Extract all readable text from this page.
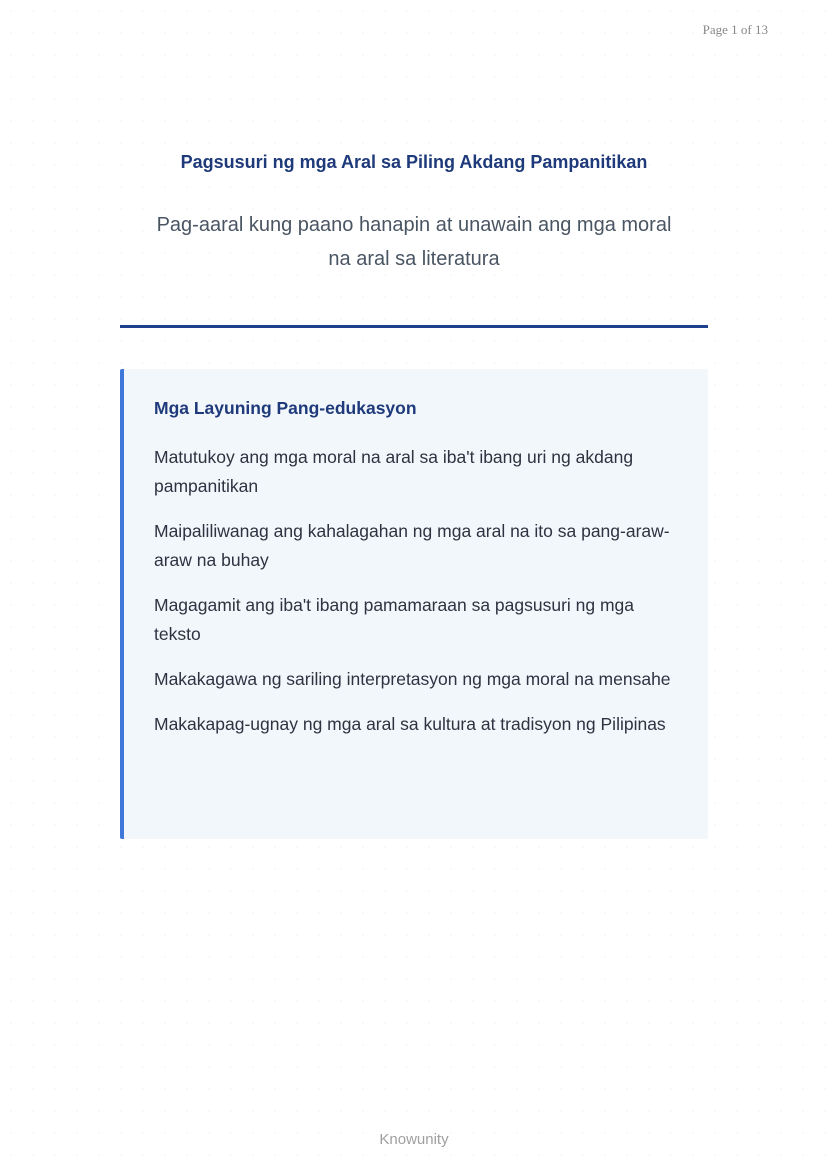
Page 1 of 13
Pagsusuri ng mga Aral sa Piling Akdang Pampanitikan

Pag-aaral kung paano hanapin at unawain ang mga moral na aral sa literatura

Mga Layuning Pang-edukasyon
Matutukoy ang mga moral na aral sa iba't ibang uri ng akdang pampanitikan
Maipaliliwanag ang kahalagahan ng mga aral na ito sa pang-araw-araw na buhay
Magagamit ang iba't ibang pamamaraan sa pagsusuri ng mga teksto
Makakagawa ng sariling interpretasyon ng mga moral na mensahe
Makakapag-ugnay ng mga aral sa kultura at tradisyon ng Pilipinas
Knowunity
